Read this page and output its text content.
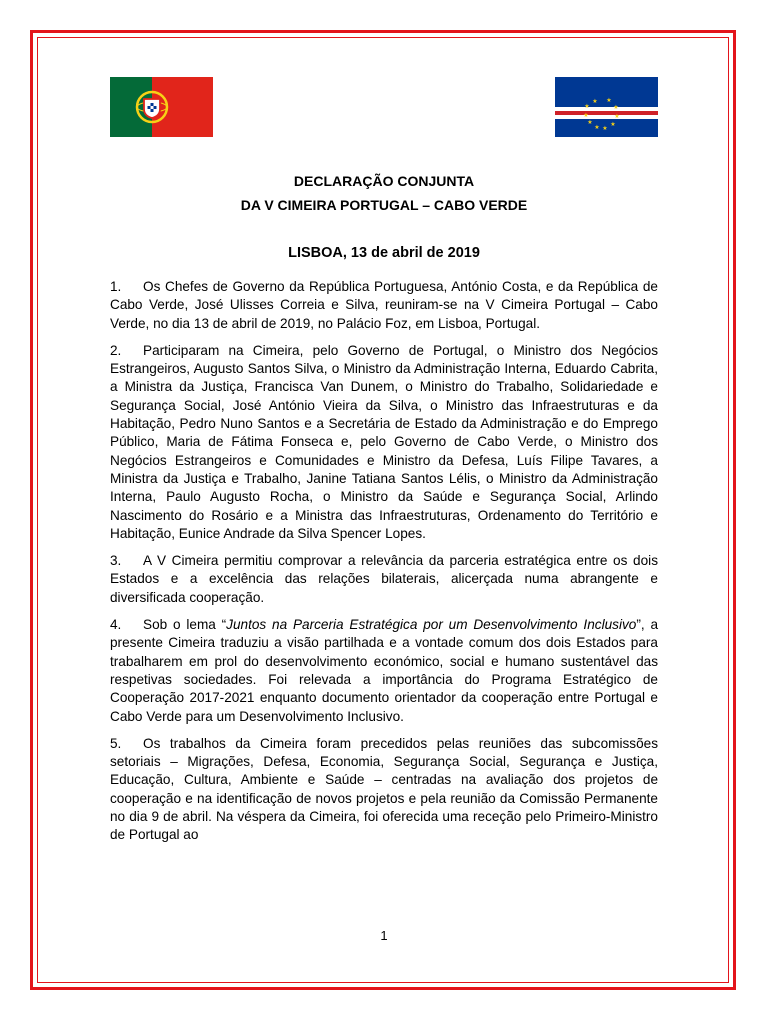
★
★
★
★
★ ★
★
★
★
★
DECLARAÇÃO CONJUNTA
DA V CIMEIRA PORTUGAL – CABO VERDE
LISBOA, 13 de abril de 2019

1. Os Chefes de Governo da República Portuguesa, António Costa, e da República de Cabo Verde, José Ulisses Correia e Silva, reuniram-se na V Cimeira Portugal – Cabo Verde, no dia 13 de abril de 2019, no Palácio Foz, em Lisboa, Portugal.

2. Participaram na Cimeira, pelo Governo de Portugal, o Ministro dos Negócios Estrangeiros, Augusto Santos Silva, o Ministro da Administração Interna, Eduardo Cabrita, a Ministra da Justiça, Francisca Van Dunem, o Ministro do Trabalho, Solidariedade e Segurança Social, José António Vieira da Silva, o Ministro das Infraestruturas e da Habitação, Pedro Nuno Santos e a Secretária de Estado da Administração e do Emprego Público, Maria de Fátima Fonseca e, pelo Governo de Cabo Verde, o Ministro dos Negócios Estrangeiros e Comunidades e Ministro da Defesa, Luís Filipe Tavares, a Ministra da Justiça e Trabalho, Janine Tatiana Santos Lélis, o Ministro da Administração Interna, Paulo Augusto Rocha, o Ministro da Saúde e Segurança Social, Arlindo Nascimento do Rosário e a Ministra das Infraestruturas, Ordenamento do Território e Habitação, Eunice Andrade da Silva Spencer Lopes.

3. A V Cimeira permitiu comprovar a relevância da parceria estratégica entre os dois Estados e a excelência das relações bilaterais, alicerçada numa abrangente e diversificada cooperação.

4. Sob o lema “Juntos na Parceria Estratégica por um Desenvolvimento Inclusivo”, a presente Cimeira traduziu a visão partilhada e a vontade comum dos dois Estados para trabalharem em prol do desenvolvimento económico, social e humano sustentável das respetivas sociedades. Foi relevada a importância do Programa Estratégico de Cooperação 2017-2021 enquanto documento orientador da cooperação entre Portugal e Cabo Verde para um Desenvolvimento Inclusivo.

5. Os trabalhos da Cimeira foram precedidos pelas reuniões das subcomissões setoriais – Migrações, Defesa, Economia, Segurança Social, Segurança e Justiça, Educação, Cultura, Ambiente e Saúde – centradas na avaliação dos projetos de cooperação e na identificação de novos projetos e pela reunião da Comissão Permanente no dia 9 de abril. Na véspera da Cimeira, foi oferecida uma receção pelo Primeiro-Ministro de Portugal ao

1
